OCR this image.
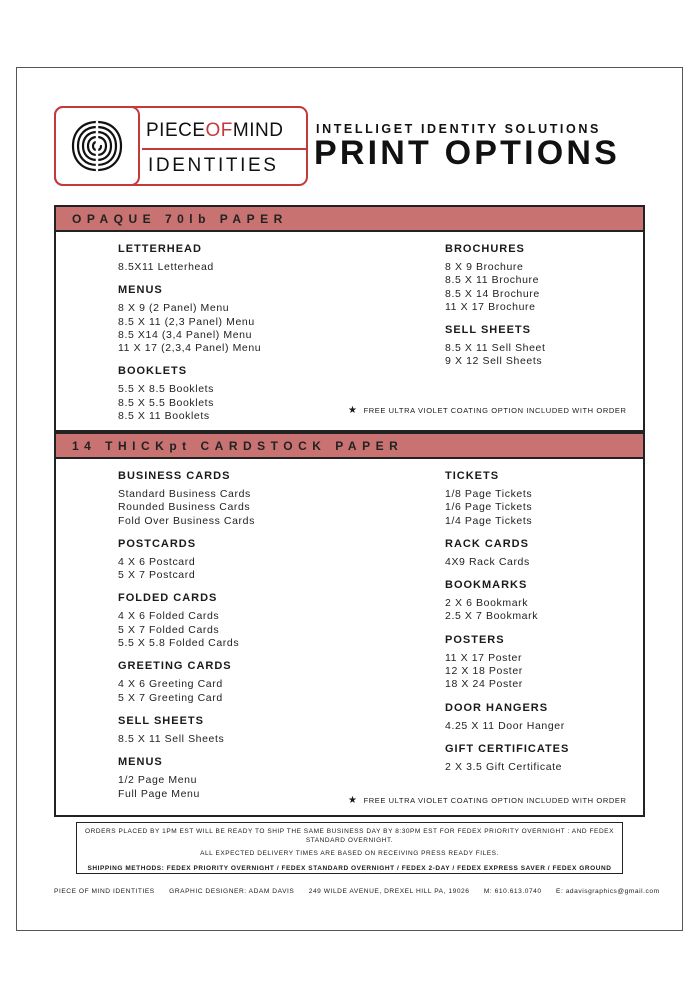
PIECEOFMIND
IDENTITIES
INTELLIGET IDENTITY SOLUTIONS
PRINT OPTIONS
OPAQUE 70lb PAPER
LETTERHEAD
8.5X11 Letterhead
MENUS
8 X 9 (2 Panel) Menu
8.5 X 11 (2,3 Panel) Menu
8.5 X14 (3,4 Panel) Menu
11 X 17 (2,3,4 Panel) Menu
BOOKLETS
5.5 X 8.5 Booklets
8.5 X 5.5 Booklets
8.5 X 11 Booklets
BROCHURES
8 X 9 Brochure
8.5 X 11 Brochure
8.5 X 14 Brochure
11 X 17 Brochure
SELL SHEETS
8.5 X 11 Sell Sheet
9 X 12 Sell Sheets
★ FREE ULTRA VIOLET COATING OPTION INCLUDED WITH ORDER
14 THICKpt CARDSTOCK PAPER
BUSINESS CARDS
Standard Business Cards
Rounded Business Cards
Fold Over Business Cards
POSTCARDS
4 X 6 Postcard
5 X 7 Postcard
FOLDED CARDS
4 X 6 Folded Cards
5 X 7 Folded Cards
5.5 X 5.8 Folded Cards
GREETING CARDS
4 X 6 Greeting Card
5 X 7 Greeting Card
SELL SHEETS
8.5 X 11 Sell Sheets
MENUS
1/2 Page Menu
Full Page Menu
TICKETS
1/8 Page Tickets
1/6 Page Tickets
1/4 Page Tickets
RACK CARDS
4X9 Rack Cards
BOOKMARKS
2 X 6 Bookmark
2.5 X 7 Bookmark
POSTERS
11 X 17 Poster
12 X 18 Poster
18 X 24 Poster
DOOR HANGERS
4.25 X 11 Door Hanger
GIFT CERTIFICATES
2 X 3.5 Gift Certificate
★ FREE ULTRA VIOLET COATING OPTION INCLUDED WITH ORDER
ORDERS PLACED BY 1PM EST WILL BE READY TO SHIP THE SAME BUSINESS DAY BY 8:30PM EST FOR FEDEX PRIORITY OVERNIGHT : AND FEDEX STANDARD OVERNIGHT.
ALL EXPECTED DELIVERY TIMES ARE BASED ON RECEIVING PRESS READY FILES.
SHIPPING METHODS: FEDEX PRIORITY OVERNIGHT / FEDEX STANDARD OVERNIGHT / FEDEX 2-DAY / FEDEX EXPRESS SAVER / FEDEX GROUND
PIECE OF MIND IDENTITIES GRAPHIC DESIGNER: ADAM DAVIS 249 WILDE AVENUE, DREXEL HILL PA, 19026 M: 610.613.0740 E: adavisgraphics@gmail.com
